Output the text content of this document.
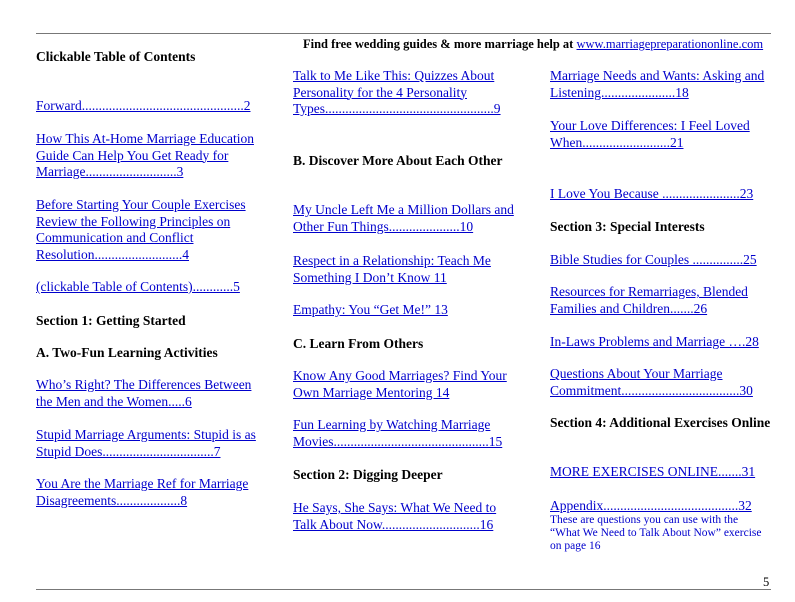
Find free wedding guides & more marriage help at www.marriagepreparationonline.com
Clickable Table of Contents
Forward................................................2
How This At-Home Marriage Education Guide Can Help You Get Ready for Marriage...........................3
Before Starting Your Couple Exercises Review the Following Principles on Communication and Conflict Resolution..........................4
(clickable Table of Contents)............5
Section 1: Getting Started
A. Two-Fun Learning Activities
Who’s Right? The Differences Between the Men and the Women.....6
Stupid Marriage Arguments: Stupid is as Stupid Does.................................7
You Are the Marriage Ref for Marriage Disagreements...................8
Talk to Me Like This: Quizzes About Personality for the 4 Personality Types..................................................9
B. Discover More About Each Other
My Uncle Left Me a Million Dollars and Other Fun Things.....................10
Respect in a Relationship: Teach Me Something I Don’t Know 11
Empathy: You “Get Me!” 13
C. Learn From Others
Know Any Good Marriages? Find Your Own Marriage Mentoring 14
Fun Learning by Watching Marriage Movies..............................................15
Section 2: Digging Deeper
He Says, She Says: What We Need to Talk About Now.............................16
Marriage Needs and Wants: Asking and Listening......................18
Your Love Differences: I Feel Loved When..........................21
I Love You Because .......................23
Section 3: Special Interests
Bible Studies for Couples ...............25
Resources for Remarriages, Blended Families and Children.......26
In-Laws Problems and Marriage ….28
Questions About Your Marriage Commitment...................................30
Section 4: Additional Exercises Online
MORE EXERCISES ONLINE.......31
Appendix........................................32
These are questions you can use with the “What We Need to Talk About Now” exercise on page 16
5
